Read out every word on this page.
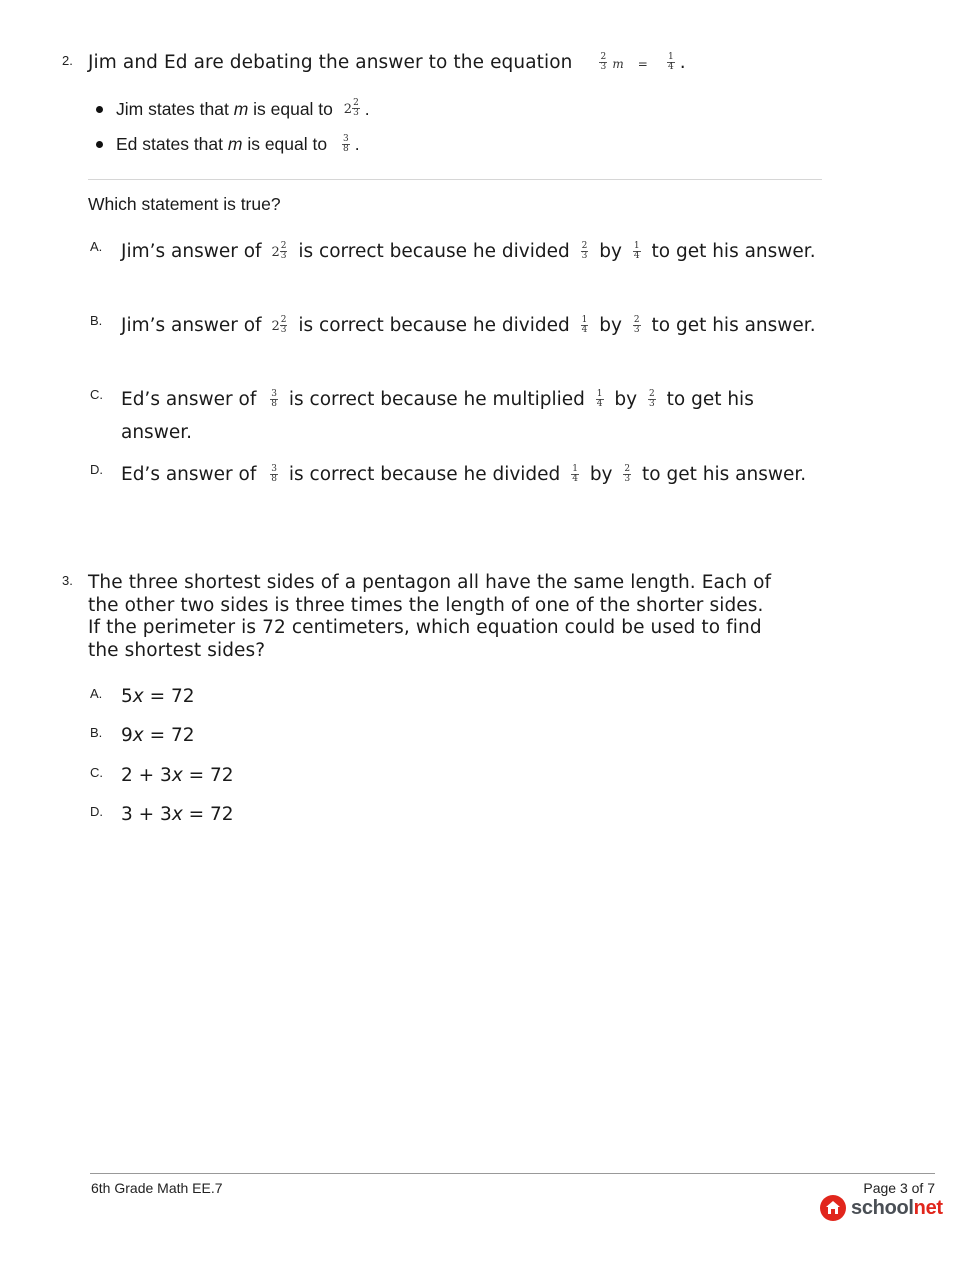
2. Jim and Ed are debating the answer to the equation	$\frac{2}{3}$ $m = \frac{1}{4}$ .
Jim states that m is equal to $2 \frac{2}{3}$ .
Ed states that m is equal to $\frac{3}{8}$ .
Which statement is true?
A. Jim’s answer of $2 \frac{2}{3}$ is correct because he divided $\frac{2}{3}$ by $\frac{1}{4}$ to get his answer.
B. Jim’s answer of $2 \frac{2}{3}$ is correct because he divided $\frac{1}{4}$ by $\frac{2}{3}$ to get his answer.
C. Ed’s answer of $\frac{3}{8}$ is correct because he multiplied $\frac{1}{4}$ by $\frac{2}{3}$ to get his answer.
D. Ed’s answer of $\frac{3}{8}$ is correct because he divided $\frac{1}{4}$ by $\frac{2}{3}$ to get his answer.
3. The three shortest sides of a pentagon all have the same length. Each of
the other two sides is three times the length of one of the shorter sides.
If the perimeter is 72 centimeters, which equation could be used to find
the shortest sides?
A. 5x = 72
B. 9x = 72
C. 2 + 3x = 72
D. 3 + 3x = 72
6th Grade Math EE.7	Page 3 of 7
schoolnet
